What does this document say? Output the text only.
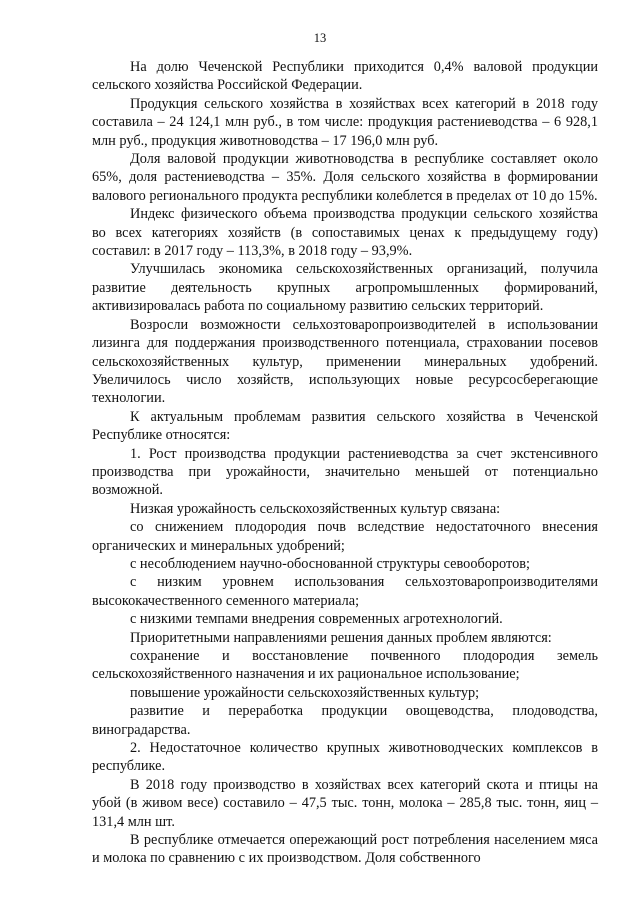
13

На долю Чеченской Республики приходится 0,4% валовой продукции сельского хозяйства Российской Федерации.

Продукция сельского хозяйства в хозяйствах всех категорий в 2018 году составила – 24 124,1 млн руб., в том числе: продукция растениеводства – 6 928,1 млн руб., продукция животноводства – 17 196,0 млн руб.

Доля валовой продукции животноводства в республике составляет около 65%, доля растениеводства – 35%. Доля сельского хозяйства в формировании валового регионального продукта республики колеблется в пределах от 10 до 15%.

Индекс физического объема производства продукции сельского хозяйства во всех категориях хозяйств (в сопоставимых ценах к предыдущему году) составил: в 2017 году – 113,3%, в 2018 году – 93,9%.

Улучшилась экономика сельскохозяйственных организаций, получила развитие деятельность крупных агропромышленных формирований, активизировалась работа по социальному развитию сельских территорий.

Возросли возможности сельхозтоваропроизводителей в использовании лизинга для поддержания производственного потенциала, страховании посевов сельскохозяйственных культур, применении минеральных удобрений. Увеличилось число хозяйств, использующих новые ресурсосберегающие технологии.

К актуальным проблемам развития сельского хозяйства в Чеченской Республике относятся:

1. Рост производства продукции растениеводства за счет экстенсивного производства при урожайности, значительно меньшей от потенциально возможной.

Низкая урожайность сельскохозяйственных культур связана:

со снижением плодородия почв вследствие недостаточного внесения органических и минеральных удобрений;

с несоблюдением научно-обоснованной структуры севооборотов;

с низким уровнем использования сельхозтоваропроизводителями высококачественного семенного материала;

с низкими темпами внедрения современных агротехнологий.

Приоритетными направлениями решения данных проблем являются:

сохранение и восстановление почвенного плодородия земель сельскохозяйственного назначения и их рациональное использование;

повышение урожайности сельскохозяйственных культур;

развитие и переработка продукции овощеводства, плодоводства, виноградарства.

2. Недостаточное количество крупных животноводческих комплексов в республике.

В 2018 году производство в хозяйствах всех категорий скота и птицы на убой (в живом весе) составило – 47,5 тыс. тонн, молока – 285,8 тыс. тонн, яиц – 131,4 млн шт.

В республике отмечается опережающий рост потребления населением мяса и молока по сравнению с их производством. Доля собственного
